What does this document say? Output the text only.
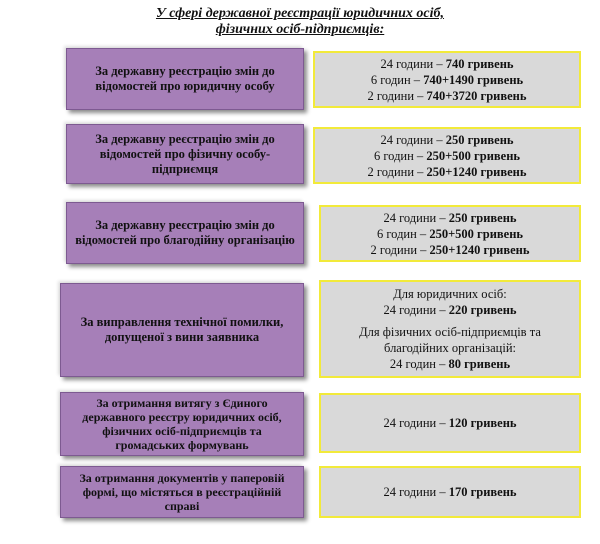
У сфері державної реєстрації юридичних осіб,
фізичних осіб-підприємців:
За державну реєстрацію змін до відомостей про юридичну особу
24 години – 740 гривень
6 годин – 740+1490 гривень
2 години – 740+3720 гривень
За державну реєстрацію змін до відомостей про фізичну особу-підприємця
24 години – 250 гривень
6 годин – 250+500 гривень
2 години – 250+1240 гривень
За державну реєстрацію змін до відомостей про благодійну організацію
24 години – 250 гривень
6 годин – 250+500 гривень
2 години – 250+1240 гривень
За виправлення технічної помилки, допущеної з вини заявника
Для юридичних осіб:
24 години – 220 гривень
Для фізичних осіб-підприємців та благодійних організацій:
24 годин – 80 гривень
За отримання витягу з Єдиного державного реєстру юридичних осіб, фізичних осіб-підприємців та громадських формувань
24 години – 120 гривень
За отримання документів у паперовій формі, що містяться в реєстраційній справі
24 години – 170 гривень
